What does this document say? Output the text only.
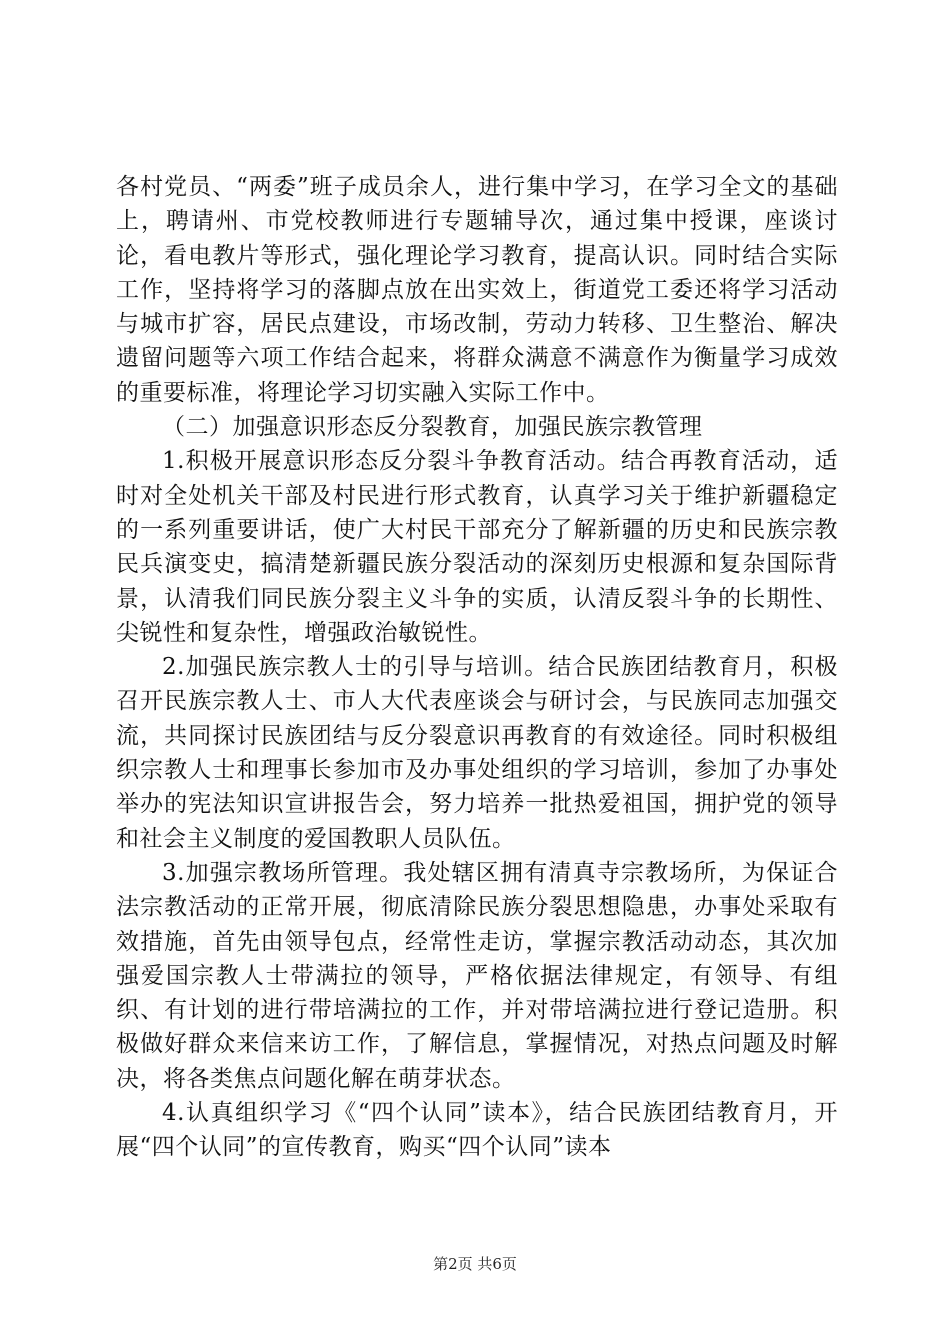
各村党员、“两委”班子成员余人，进行集中学习，在学习全文的基础上，聘请州、市党校教师进行专题辅导次，通过集中授课，座谈讨论，看电教片等形式，强化理论学习教育，提高认识。同时结合实际工作，坚持将学习的落脚点放在出实效上，街道党工委还将学习活动与城市扩容，居民点建设，市场改制，劳动力转移、卫生整治、解决遗留问题等六项工作结合起来，将群众满意不满意作为衡量学习成效的重要标准，将理论学习切实融入实际工作中。

（二）加强意识形态反分裂教育，加强民族宗教管理

1.积极开展意识形态反分裂斗争教育活动。结合再教育活动，适时对全处机关干部及村民进行形式教育，认真学习关于维护新疆稳定的一系列重要讲话，使广大村民干部充分了解新疆的历史和民族宗教民兵演变史，搞清楚新疆民族分裂活动的深刻历史根源和复杂国际背景，认清我们同民族分裂主义斗争的实质，认清反裂斗争的长期性、尖锐性和复杂性，增强政治敏锐性。

2.加强民族宗教人士的引导与培训。结合民族团结教育月，积极召开民族宗教人士、市人大代表座谈会与研讨会，与民族同志加强交流，共同探讨民族团结与反分裂意识再教育的有效途径。同时积极组织宗教人士和理事长参加市及办事处组织的学习培训，参加了办事处举办的宪法知识宣讲报告会，努力培养一批热爱祖国，拥护党的领导和社会主义制度的爱国教职人员队伍。

3.加强宗教场所管理。我处辖区拥有清真寺宗教场所，为保证合法宗教活动的正常开展，彻底清除民族分裂思想隐患，办事处采取有效措施，首先由领导包点，经常性走访，掌握宗教活动动态，其次加强爱国宗教人士带满拉的领导，严格依据法律规定，有领导、有组织、有计划的进行带培满拉的工作，并对带培满拉进行登记造册。积极做好群众来信来访工作，了解信息，掌握情况，对热点问题及时解决，将各类焦点问题化解在萌芽状态。

4.认真组织学习《“四个认同”读本》，结合民族团结教育月，开展“四个认同”的宣传教育，购买“四个认同”读本

第2页 共6页
